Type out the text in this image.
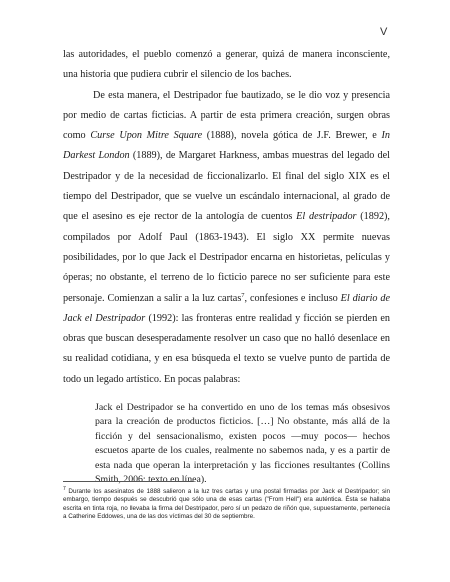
V

las autoridades, el pueblo comenzó a generar, quizá de manera inconsciente,
una historia que pudiera cubrir el silencio de los baches.

De esta manera, el Destripador fue bautizado, se le dio voz y presencia por medio de cartas ficticias. A partir de esta primera creación, surgen obras como Curse Upon Mitre Square (1888), novela gótica de J.F. Brewer, e In Darkest London (1889), de Margaret Harkness, ambas muestras del legado del Destripador y de la necesidad de ficcionalizarlo. El final del siglo XIX es el tiempo del Destripador, que se vuelve un escándalo internacional, al grado de que el asesino es eje rector de la antología de cuentos El destripador (1892), compilados por Adolf Paul (1863-1943). El siglo XX permite nuevas posibilidades, por lo que Jack el Destripador encarna en historietas, películas y óperas; no obstante, el terreno de lo ficticio parece no ser suficiente para este personaje. Comienzan a salir a la luz cartas$^7$, confesiones e incluso El diario de Jack el Destripador (1992): las fronteras entre realidad y ficción se pierden en obras que buscan desesperadamente resolver un caso que no halló desenlace en su realidad cotidiana, y en esa búsqueda el texto se vuelve punto de partida de todo un legado artístico. En pocas palabras:

Jack el Destripador se ha convertido en uno de los temas más obsesivos para la creación de productos ficticios. […] No obstante, más allá de la ficción y del sensacionalismo, existen pocos —muy pocos— hechos escuetos aparte de los cuales, realmente no sabemos nada, y es a partir de esta nada que operan la interpretación y las ficciones resultantes (Collins Smith, 2006: texto en línea).
$^7$ Durante los asesinatos de 1888 salieron a la luz tres cartas y una postal firmadas por Jack el Destripador; sin embargo, tiempo después se descubrió que sólo una de esas cartas ("From Hell") era auténtica. Ésta se hallaba escrita en tinta roja, no llevaba la firma del Destripador, pero sí un pedazo de riñón que, supuestamente, pertenecía a Catherine Eddowes, una de las dos víctimas del 30 de septiembre.
